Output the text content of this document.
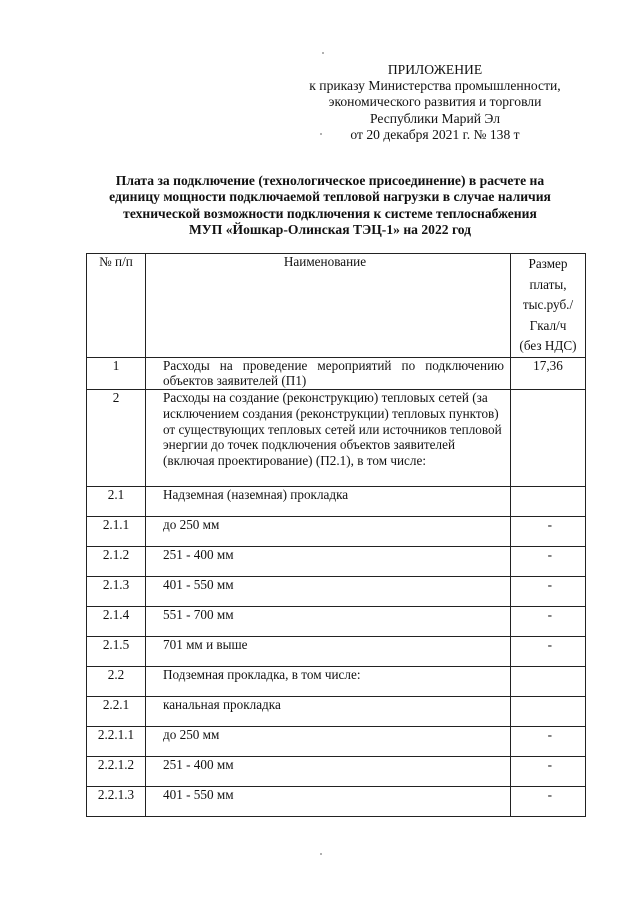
ПРИЛОЖЕНИЕ
к приказу Министерства промышленности,
экономического развития и торговли
Республики Марий Эл
от 20 декабря 2021 г. № 138 т
Плата за подключение (технологическое присоединение) в расчете на
единицу мощности подключаемой тепловой нагрузки в случае наличия
технической возможности подключения к системе теплоснабжения
МУП «Йошкар-Олинская ТЭЦ-1» на 2022 год
№ п/п	Наименование	Размер
платы,
тыс.руб./
Гкал/ч
(без НДС)

1	Расходы на проведение мероприятий по подключению объектов заявителей (П1)	17,36
2	Расходы на создание (реконструкцию) тепловых сетей (за исключением создания (реконструкции) тепловых пунктов) от существующих тепловых сетей или источников тепловой энергии до точек подключения объектов заявителей (включая проектирование) (П2.1), в том числе:	

2.1	Надземная (наземная) прокладка	
2.1.1	до 250 мм	-
2.1.2	251 - 400 мм	-
2.1.3	401 - 550 мм	-
2.1.4	551 - 700 мм	-
2.1.5	701 мм и выше	-
2.2	Подземная прокладка, в том числе:	
2.2.1	канальная прокладка	
2.2.1.1	до 250 мм	-
2.2.1.2	251 - 400 мм	-
2.2.1.3	401 - 550 мм	-
